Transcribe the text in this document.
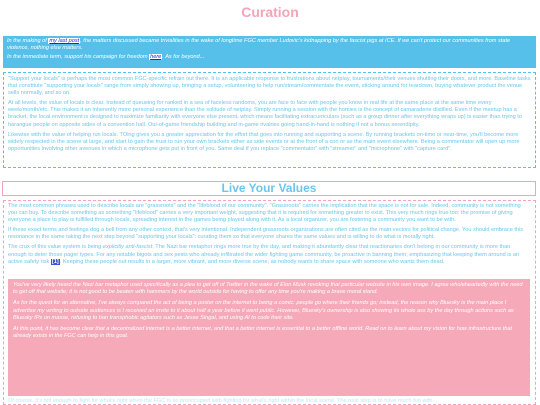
Curation

In the making of my last post, the matters discussed became trivialities in the wake of longtime FGC member Ludovic's kidnapping by the fascist pigs at ICE. If we can't protect our communities from state violence, nothing else matters.

In the immediate term, support his campaign for freedom here. As for beyond...

"Support your locals" is perhaps the most common FGC-specific refrain out there. It is an applicable response to frustrations about netplay, tournaments/their venues shutting their doors, and more. Baseline tasks that constitute "supporting your locals" range from simply showing up, bringing a setup, volunteering to help run/stream/commentate the event, sticking around for teardown, buying whatever product the venue sells normally, and so on.

At all levels, the value of locals is clear. Instead of queueing for ranked in a sea of faceless randoms, you are face to face with people you know in real life at the same place at the same time every week/month/etc. This makes it an inherently more personal experience than the solitude of netplay. Simply running a session with the homies is the concept of camaraderie distilled. Even if the meetup has a bracket, the local environment is designed to maximize familiarity with everyone else present, which means facilitating extracurriculars (such as a group dinner after everything wraps up) is easier than trying to harangue people on opposite sides of a convention hall. Out-of-game friendship building and in-game rivalries going hand-in-hand is nothing if not a bonus serendipity.

Likewise with the value of helping run locals. TOing gives you a greater appreciation for the effort that goes into running and supporting a scene. By running brackets on-time or near-time, you'll become more widely respected in the scene at large, and start to gain the trust to run your own brackets either as side events or at the front of a con or as the main event elsewhere. Being a commentator will open up more opportunities involving other avenues in which a microphone gets put in front of you. Same deal if you replace "commentator" with "streamer" and "microphone" with "capture card".

Live Your Values

The most common phrases used to describe locals are "grassroots" and the "lifeblood of our community". "Grassroots" carries the implication that the space is not for sale. Indeed, community is not something you can buy. To describe something as something "lifeblood" carries a very important weight, suggesting that it is required for something greater to exist. This very much rings true too: the promise of giving everyone a place to play is fulfilled through locals, spreading interest in the games being played along with it. As a local organizer, you are fostering a community you want to be with.

If these exact terms and feelings dog a bell from any other context, that's very intentional. Independent grassroots organizations are often cited as the main vectors for political change. You should embrace this resonance in the same taking the next step beyond "supporting your locals": curating them so that everyone shares the same values and is willing to do what is morally right.

The crux of this value system is being explicitly anti-fascist. The Nazi bar metaphor rings more true by the day, and making it abundantly clear that reactionaries don't belong in our community is more than enough to deter those pager types. For any notable bigots and sex pests who already infiltrated the wider fighting game community, be proactive in banning them; emphasizing that keeping them around is an active safety risk [1]. Keeping these people out results in a larger, more vibrant, and more diverse scene, as nobody wants to share space with someone who wants them dead.

You've very likely heard the Nazi bar metaphor used specifically as a plea to get off of Twitter in the wake of Elon Musk revoking that particular website in his own image. I agree wholeheartedly with the need to get off that website; it is not good to be beaten with hammers by the world outside for having to offer any time you're making a brave moral stand.

As for the quest for an alternative, I've always compared the act of being a poster on the internet to being a comic: people go where their friends go; instead, the reason why Bluesky is the main place I advertise my writing to outside audiences is I received an invite to it about half a year before it went public. However, Bluesky's ownership is also showing its whole ass by the day through actions such as Bluesky IPs on masse, refusing to ban transphobic agitators such as Jesse Singal, and using AI to code their site.

At this point, it has become clear that a decentralized internet is a better internet, and that a better internet is essential to a better offline world. Read on to learn about my vision for how infrastructure that already exists in the FGC can help in this goal.

Of course, it's not enough to fight for what's right when the FGC is so preoccupied with fighting for what's right within the local scene. The next step is to have much fun with...
